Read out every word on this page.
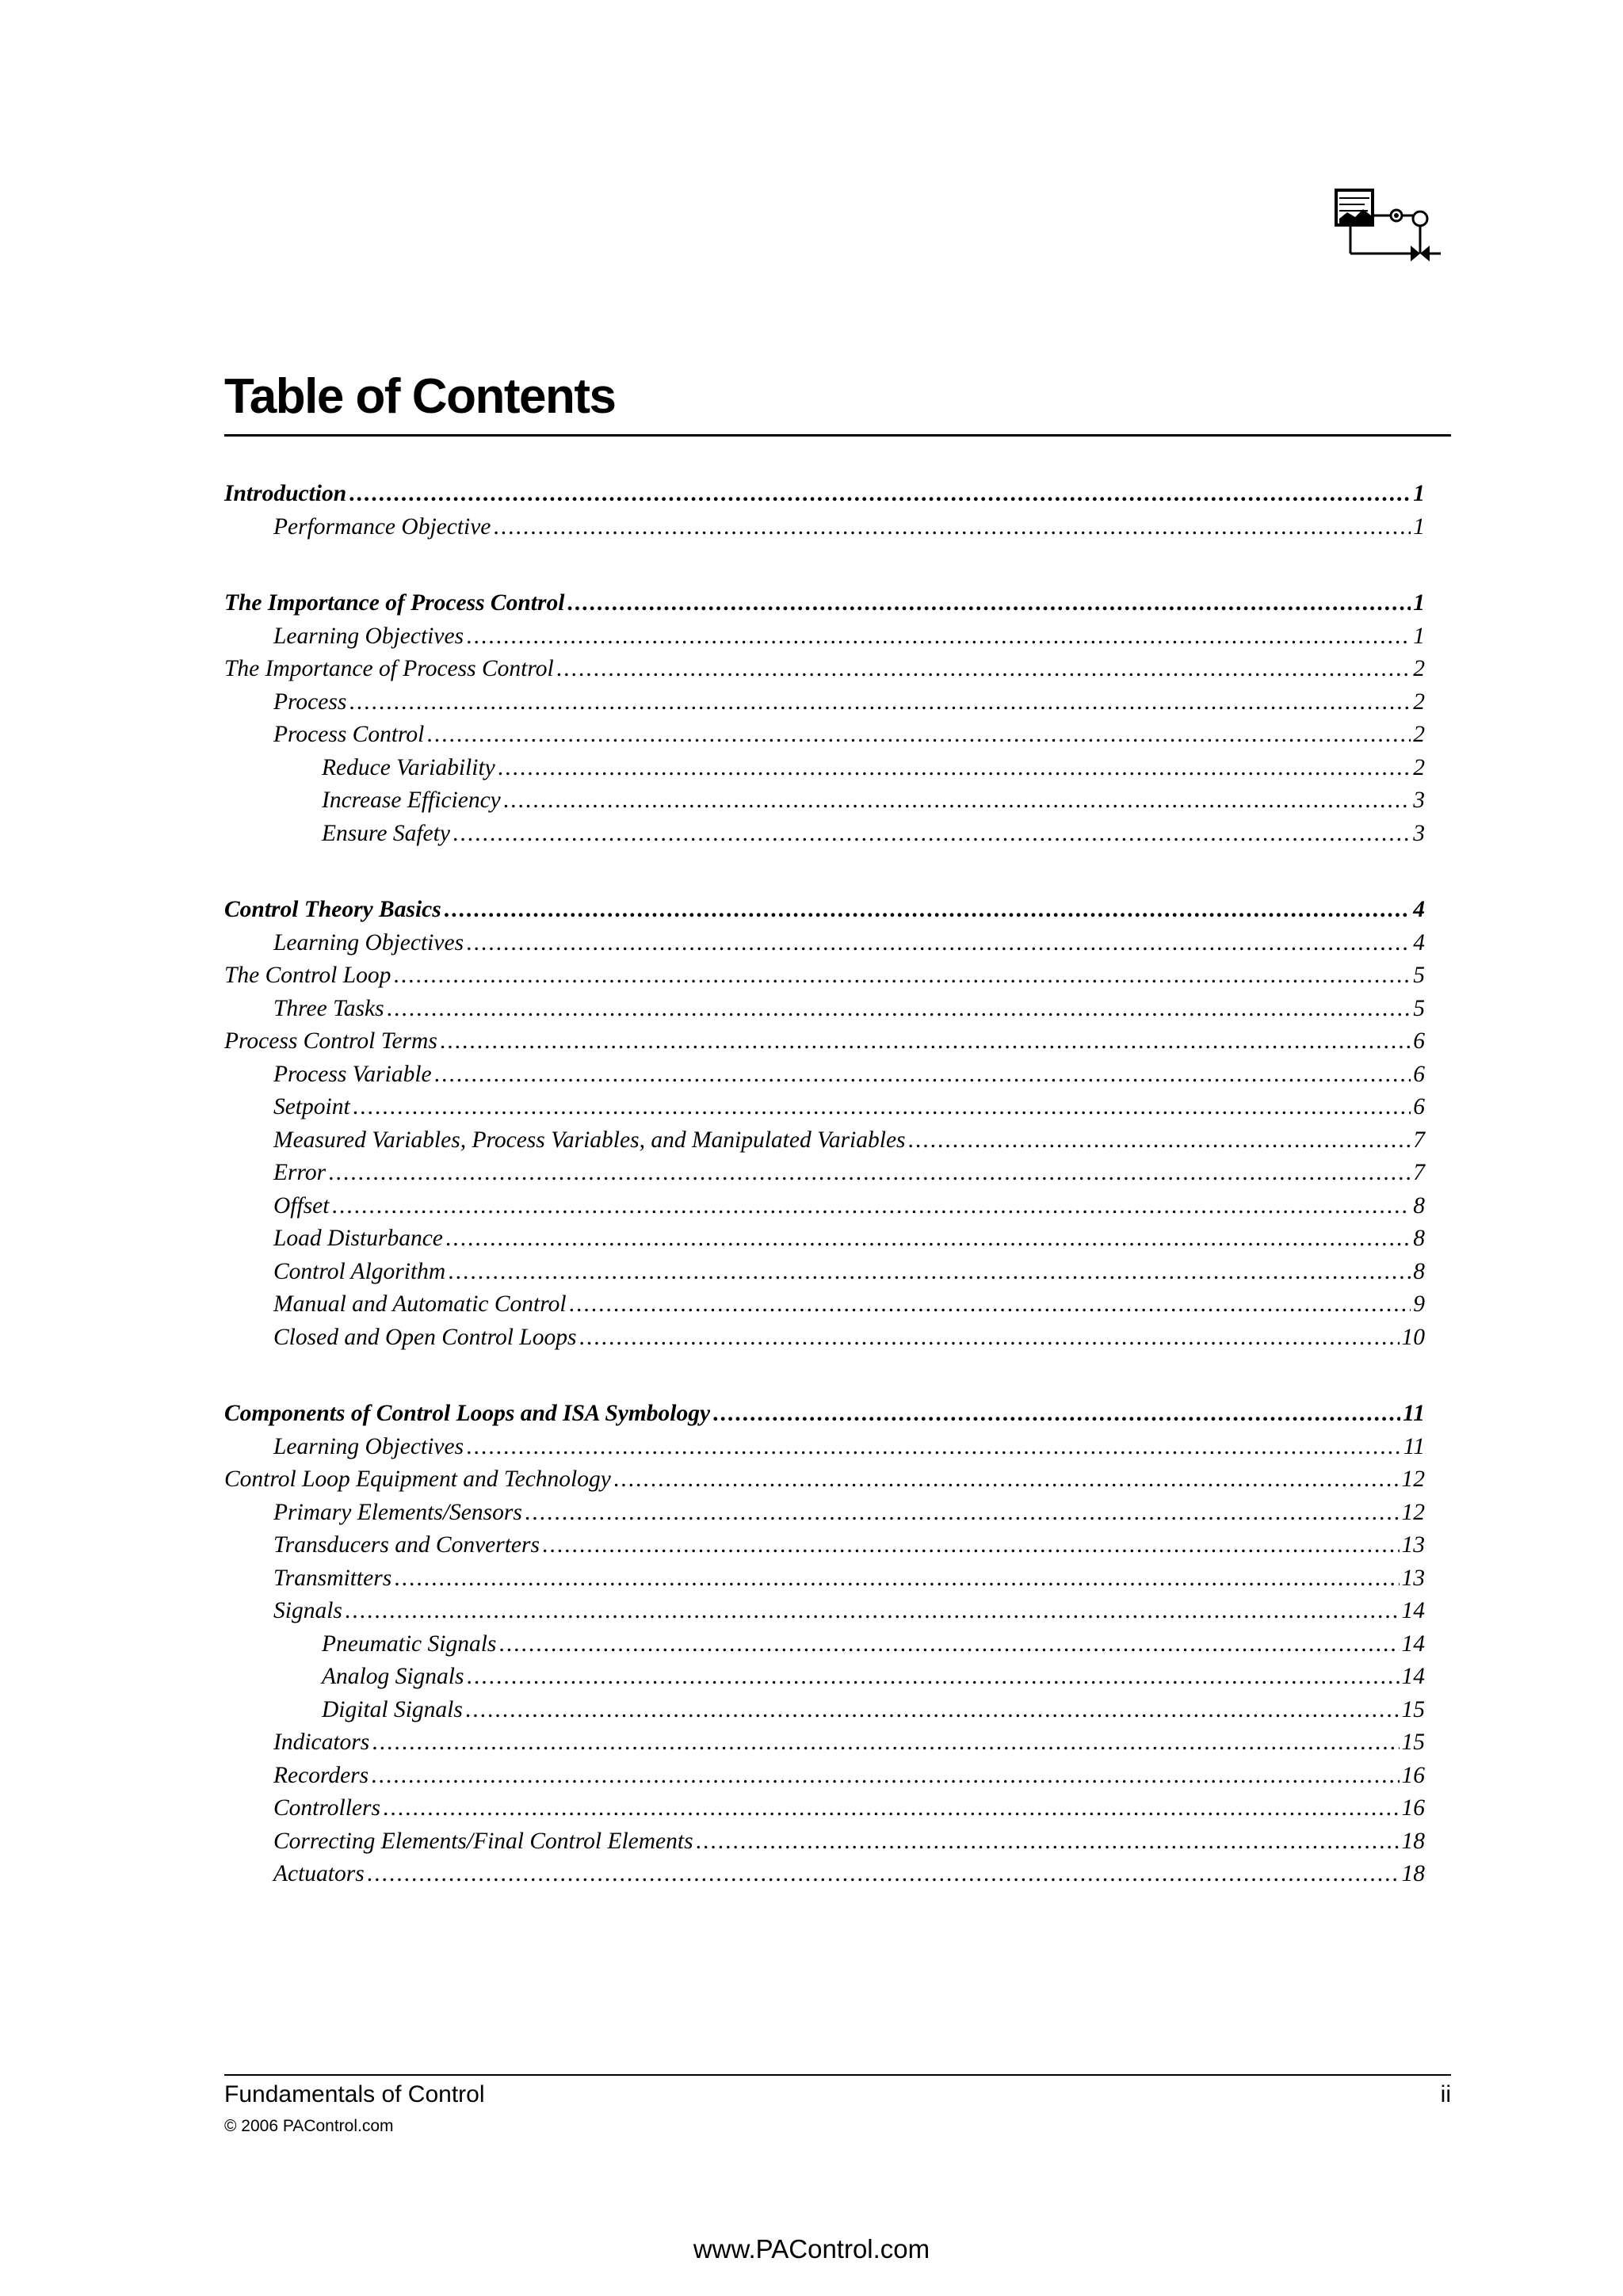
Table of Contents
Introduction .....	1
Performance Objective .....	1
The Importance of Process Control .....	1
Learning Objectives .....	1
The Importance of Process Control .....	2
Process .....	2
Process Control .....	2
Reduce Variability .....	2
Increase Efficiency .....	3
Ensure Safety .....	3
Control Theory Basics .....	4
Learning Objectives .....	4
The Control Loop .....	5
Three Tasks .....	5
Process Control Terms .....	6
Process Variable .....	6
Setpoint .....	6
Measured Variables, Process Variables, and Manipulated Variables .....	7
Error .....	7
Offset .....	8
Load Disturbance .....	8
Control Algorithm .....	8
Manual and Automatic Control .....	9
Closed and Open Control Loops .....	10
Components of Control Loops and ISA Symbology .....	11
Learning Objectives .....	11
Control Loop Equipment and Technology .....	12
Primary Elements/Sensors .....	12
Transducers and Converters .....	13
Transmitters .....	13
Signals .....	14
Pneumatic Signals .....	14
Analog Signals .....	14
Digital Signals .....	15
Indicators .....	15
Recorders .....	16
Controllers .....	16
Correcting Elements/Final Control Elements .....	18
Actuators .....	18
Fundamentals of Control	ii
© 2006 PAControl.com
www.PAControl.com
